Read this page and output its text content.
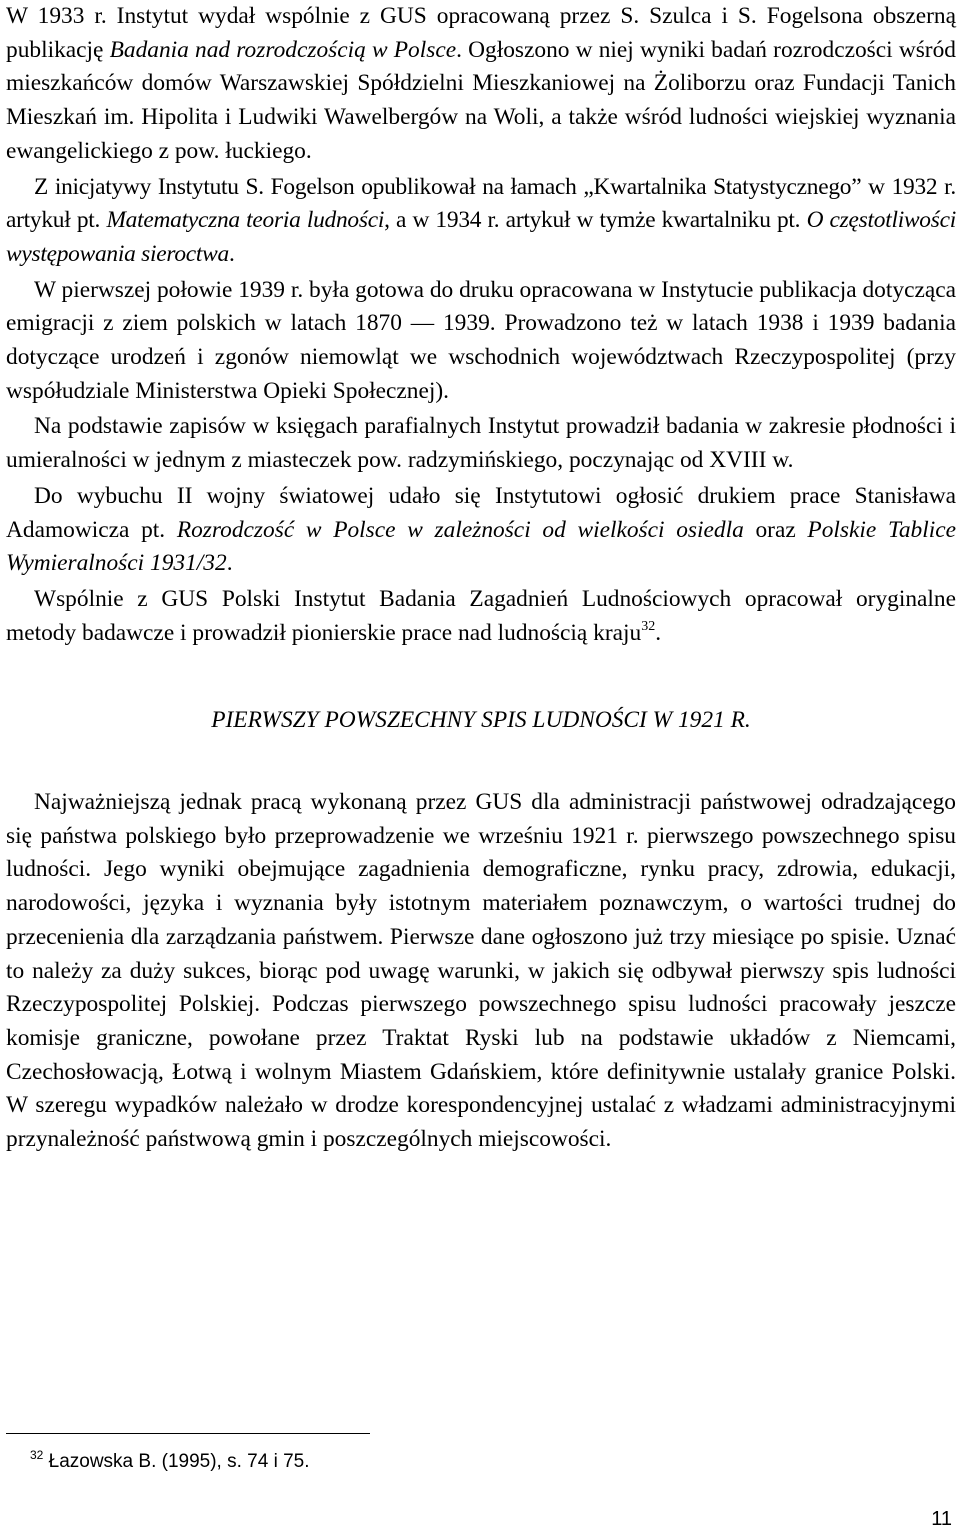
W 1933 r. Instytut wydał wspólnie z GUS opracowaną przez S. Szulca i S. Fogelsona obszerną publikację Badania nad rozrodczością w Polsce. Ogłoszono w niej wyniki badań rozrodczości wśród mieszkańców domów Warszawskiej Spółdzielni Mieszkaniowej na Żoliborzu oraz Fundacji Tanich Mieszkań im. Hipolita i Ludwiki Wawelbergów na Woli, a także wśród ludności wiejskiej wyznania ewangelickiego z pow. łuckiego.

Z inicjatywy Instytutu S. Fogelson opublikował na łamach „Kwartalnika Statystycznego” w 1932 r. artykuł pt. Matematyczna teoria ludności, a w 1934 r. artykuł w tymże kwartalniku pt. O częstotliwości występowania sieroctwa.

W pierwszej połowie 1939 r. była gotowa do druku opracowana w Instytucie publikacja dotycząca emigracji z ziem polskich w latach 1870 — 1939. Prowadzono też w latach 1938 i 1939 badania dotyczące urodzeń i zgonów niemowląt we wschodnich województwach Rzeczypospolitej (przy współudziale Ministerstwa Opieki Społecznej).

Na podstawie zapisów w księgach parafialnych Instytut prowadził badania w zakresie płodności i umieralności w jednym z miasteczek pow. radzymińskiego, poczynając od XVIII w.

Do wybuchu II wojny światowej udało się Instytutowi ogłosić drukiem prace Stanisława Adamowicza pt. Rozrodczość w Polsce w zależności od wielkości osiedla oraz Polskie Tablice Wymieralności 1931/32.

Wspólnie z GUS Polski Instytut Badania Zagadnień Ludnościowych opracował oryginalne metody badawcze i prowadził pionierskie prace nad ludnością kraju$^{32}$.

PIERWSZY POWSZECHNY SPIS LUDNOŚCI W 1921 R.

Najważniejszą jednak pracą wykonaną przez GUS dla administracji państwowej odradzającego się państwa polskiego było przeprowadzenie we wrześniu 1921 r. pierwszego powszechnego spisu ludności. Jego wyniki obejmujące zagadnienia demograficzne, rynku pracy, zdrowia, edukacji, narodowości, języka i wyznania były istotnym materiałem poznawczym, o wartości trudnej do przecenienia dla zarządzania państwem. Pierwsze dane ogłoszono już trzy miesiące po spisie. Uznać to należy za duży sukces, biorąc pod uwagę warunki, w jakich się odbywał pierwszy spis ludności Rzeczypospolitej Polskiej. Podczas pierwszego powszechnego spisu ludności pracowały jeszcze komisje graniczne, powołane przez Traktat Ryski lub na podstawie układów z Niemcami, Czechosłowacją, Łotwą i wolnym Miastem Gdańskiem, które definitywnie ustalały granice Polski. W szeregu wypadków należało w drodze korespondencyjnej ustalać z władzami administracyjnymi przynależność państwową gmin i poszczególnych miejscowości.

$^{32}$ Łazowska B. (1995), s. 74 i 75.
11
